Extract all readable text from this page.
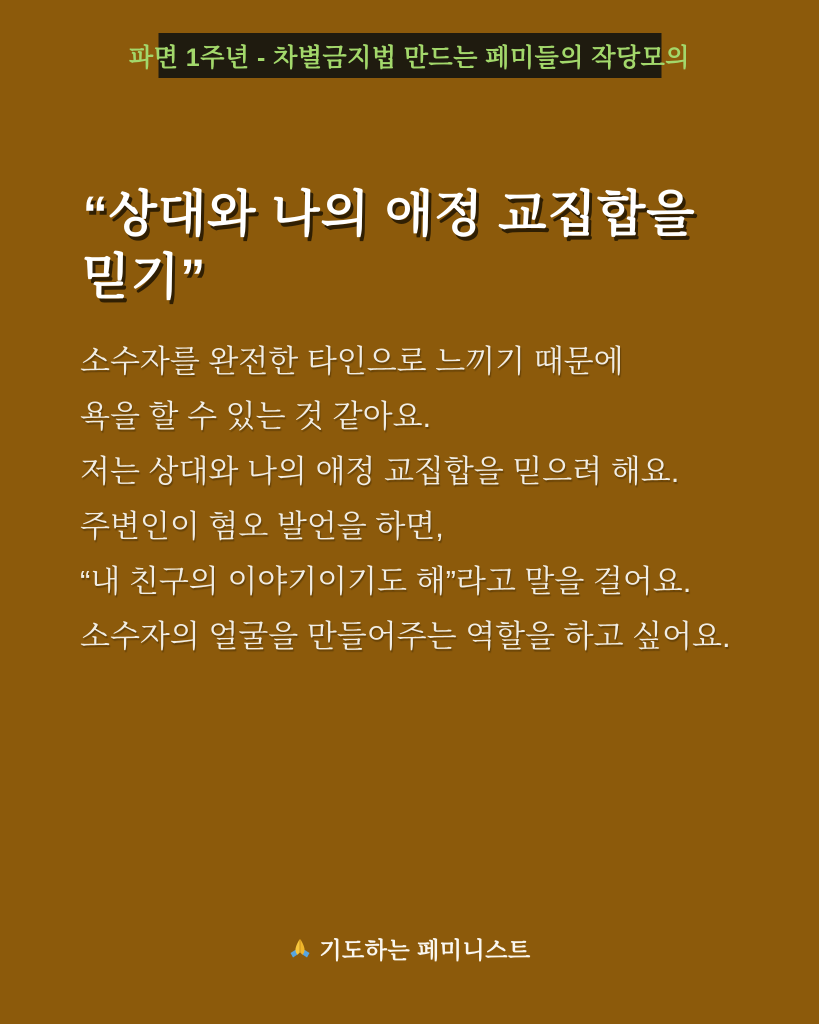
파면 1주년 - 차별금지법 만드는 페미들의 작당모의
“상대와 나의 애정 교집합을 믿기”
소수자를 완전한 타인으로 느끼기 때문에
욕을 할 수 있는 것 같아요.
저는 상대와 나의 애정 교집합을 믿으려 해요.
주변인이 혐오 발언을 하면,
“내 친구의 이야기이기도 해”라고 말을 걸어요.
소수자의 얼굴을 만들어주는 역할을 하고 싶어요.
기도하는 페미니스트
